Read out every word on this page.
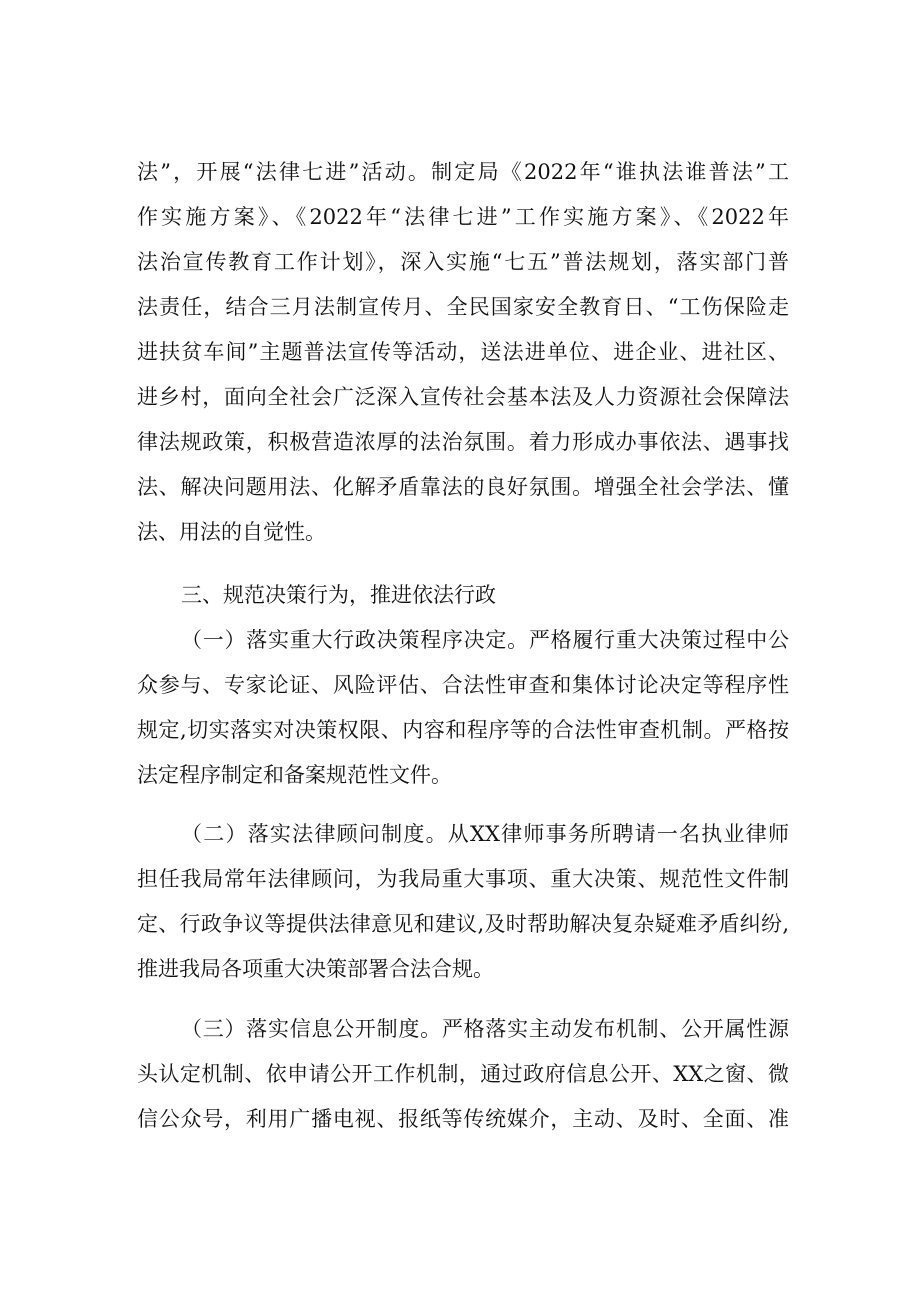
法”，开展“法律七进”活动。制定局《2022年“谁执法谁普法”工
作实施方案》、《2022年“法律七进”工作实施方案》、《2022年
法治宣传教育工作计划》，深入实施“七五”普法规划，落实部门普
法责任，结合三月法制宣传月、全民国家安全教育日、“工伤保险走
进扶贫车间”主题普法宣传等活动，送法进单位、进企业、进社区、
进乡村，面向全社会广泛深入宣传社会基本法及人力资源社会保障法
律法规政策，积极营造浓厚的法治氛围。着力形成办事依法、遇事找
法、解决问题用法、化解矛盾靠法的良好氛围。增强全社会学法、懂
法、用法的自觉性。
三、规范决策行为，推进依法行政
（一）落实重大行政决策程序决定。严格履行重大决策过程中公
众参与、专家论证、风险评估、合法性审查和集体讨论决定等程序性
规定,切实落实对决策权限、内容和程序等的合法性审查机制。严格按
法定程序制定和备案规范性文件。
（二）落实法律顾问制度。从XX律师事务所聘请一名执业律师
担任我局常年法律顾问，为我局重大事项、重大决策、规范性文件制
定、行政争议等提供法律意见和建议,及时帮助解决复杂疑难矛盾纠纷,
推进我局各项重大决策部署合法合规。
（三）落实信息公开制度。严格落实主动发布机制、公开属性源
头认定机制、依申请公开工作机制，通过政府信息公开、XX之窗、微
信公众号，利用广播电视、报纸等传统媒介，主动、及时、全面、准
